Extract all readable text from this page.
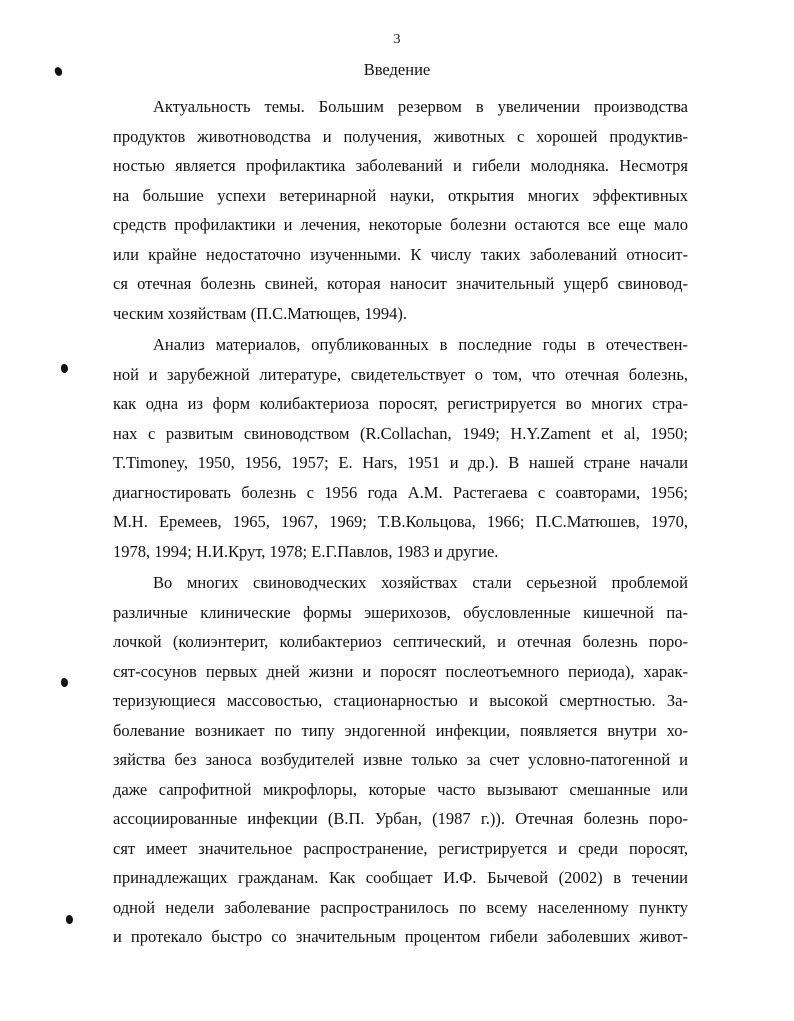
3
Введение
Актуальность темы. Большим резервом в увеличении производства
продуктов животноводства и получения, животных с хорошей продуктив-
ностью является профилактика заболеваний и гибели молодняка. Несмотря
на большие успехи ветеринарной науки, открытия многих эффективных
средств профилактики и лечения, некоторые болезни остаются все еще мало
или крайне недостаточно изученными. К числу таких заболеваний относит-
ся отечная болезнь свиней, которая наносит значительный ущерб свиновод-
ческим хозяйствам (П.С.Матющев, 1994).
Анализ материалов, опубликованных в последние годы в отечествен-
ной и зарубежной литературе, свидетельствует о том, что отечная болезнь,
как одна из форм колибактериоза поросят, регистрируется во многих стра-
нах с развитым свиноводством (R.Collachan, 1949; H.Y.Zament et al, 1950;
T.Timoney, 1950, 1956, 1957; E. Hars, 1951 и др.). В нашей стране начали
диагностировать болезнь с 1956 года А.М. Растегаева с соавторами, 1956;
М.Н. Еремеев, 1965, 1967, 1969; Т.В.Кольцова, 1966; П.С.Матюшев, 1970,
1978, 1994; Н.И.Крут, 1978; Е.Г.Павлов, 1983 и другие.
Во многих свиноводческих хозяйствах стали серьезной проблемой
различные клинические формы эшерихозов, обусловленные кишечной па-
лочкой (колиэнтерит, колибактериоз септический, и отечная болезнь поро-
сят-сосунов первых дней жизни и поросят послеотъемного периода), харак-
теризующиеся массовостью, стационарностью и высокой смертностью. За-
болевание возникает по типу эндогенной инфекции, появляется внутри хо-
зяйства без заноса возбудителей извне только за счет условно-патогенной и
даже сапрофитной микрофлоры, которые часто вызывают смешанные или
ассоциированные инфекции (В.П. Урбан, (1987 г.)). Отечная болезнь поро-
сят имеет значительное распространение, регистрируется и среди поросят,
принадлежащих гражданам. Как сообщает И.Ф. Бычевой (2002) в течении
одной недели заболевание распространилось по всему населенному пункту
и протекало быстро со значительным процентом гибели заболевших живот-
